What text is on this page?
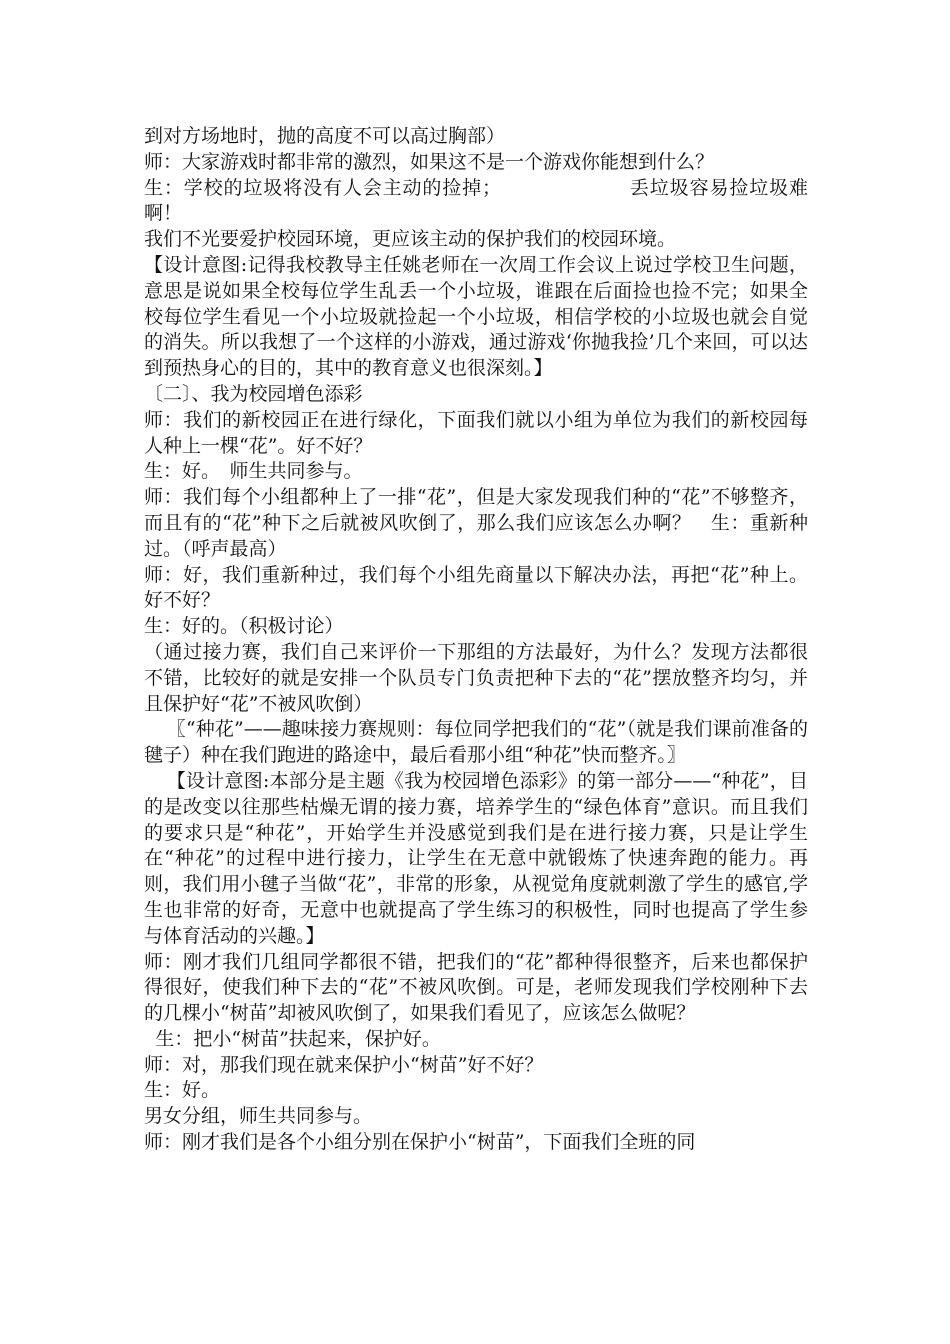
到对方场地时，抛的高度不可以高过胸部）

师：大家游戏时都非常的激烈，如果这不是一个游戏你能想到什么？

生：学校的垃圾将没有人会主动的捡掉；	丢垃圾容易捡垃圾难啊！

我们不光要爱护校园环境，更应该主动的保护我们的校园环境。

【设计意图:记得我校教导主任姚老师在一次周工作会议上说过学校卫生问题，意思是说如果全校每位学生乱丢一个小垃圾，谁跟在后面捡也捡不完；如果全校每位学生看见一个小垃圾就捡起一个小垃圾，相信学校的小垃圾也就会自觉的消失。所以我想了一个这样的小游戏，通过游戏‘你抛我捡’几个来回，可以达到预热身心的目的，其中的教育意义也很深刻。】

〔二〕、我为校园增色添彩

师：我们的新校园正在进行绿化，下面我们就以小组为单位为我们的新校园每人种上一棵“花”。好不好？

生：好。　师生共同参与。

师：我们每个小组都种上了一排“花”，但是大家发现我们种的“花”不够整齐，而且有的“花”种下之后就被风吹倒了，那么我们应该怎么办啊？　生：重新种过。（呼声最高）

师：好，我们重新种过，我们每个小组先商量以下解决办法，再把“花”种上。好不好？

生：好的。（积极讨论）

（通过接力赛，我们自己来评价一下那组的方法最好，为什么？发现方法都很不错，比较好的就是安排一个队员专门负责把种下去的“花”摆放整齐均匀，并且保护好“花”不被风吹倒）

〖“种花”——趣味接力赛规则：每位同学把我们的“花”（就是我们课前准备的毽子）种在我们跑进的路途中，最后看那小组“种花”快而整齐。〗

【设计意图:本部分是主题《我为校园增色添彩》的第一部分——“种花”，目的是改变以往那些枯燥无谓的接力赛，培养学生的“绿色体育”意识。而且我们的要求只是“种花”，开始学生并没感觉到我们是在进行接力赛，只是让学生在“种花”的过程中进行接力，让学生在无意中就锻炼了快速奔跑的能力。再则，我们用小毽子当做“花”，非常的形象，从视觉角度就刺激了学生的感官,学生也非常的好奇，无意中也就提高了学生练习的积极性，同时也提高了学生参与体育活动的兴趣。】

师：刚才我们几组同学都很不错，把我们的“花”都种得很整齐，后来也都保护得很好，使我们种下去的“花”不被风吹倒。可是，老师发现我们学校刚种下去的几棵小“树苗”却被风吹倒了，如果我们看见了，应该怎么做呢？

生：把小“树苗”扶起来，保护好。

师：对，那我们现在就来保护小“树苗”好不好？

生：好。

男女分组，师生共同参与。

师：刚才我们是各个小组分别在保护小“树苗”，下面我们全班的同
